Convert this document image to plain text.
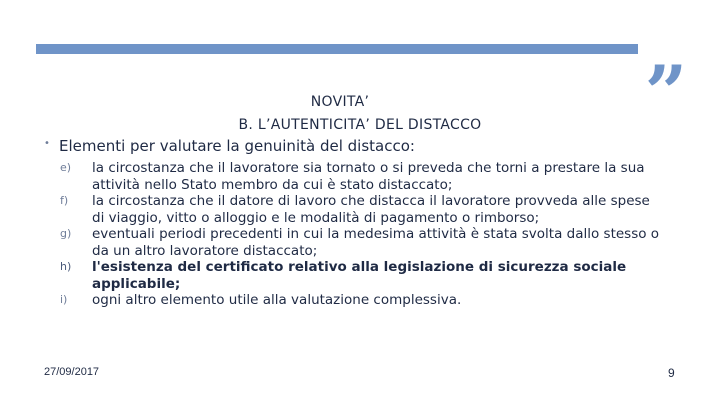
„
NOVITA’
B. L’AUTENTICITA’ DEL DISTACCO
• Elementi per valutare la genuinità del distacco:
e) la circostanza che il lavoratore sia tornato o si preveda che torni a prestare la sua attività nello Stato membro da cui è stato distaccato;
f) la circostanza che il datore di lavoro che distacca il lavoratore provveda alle spese di viaggio, vitto o alloggio e le modalità di pagamento o rimborso;
g) eventuali periodi precedenti in cui la medesima attività è stata svolta dallo stesso o da un altro lavoratore distaccato;
h) l'esistenza del certificato relativo alla legislazione di sicurezza sociale applicabile;
i) ogni altro elemento utile alla valutazione complessiva.
27/09/2017	9
